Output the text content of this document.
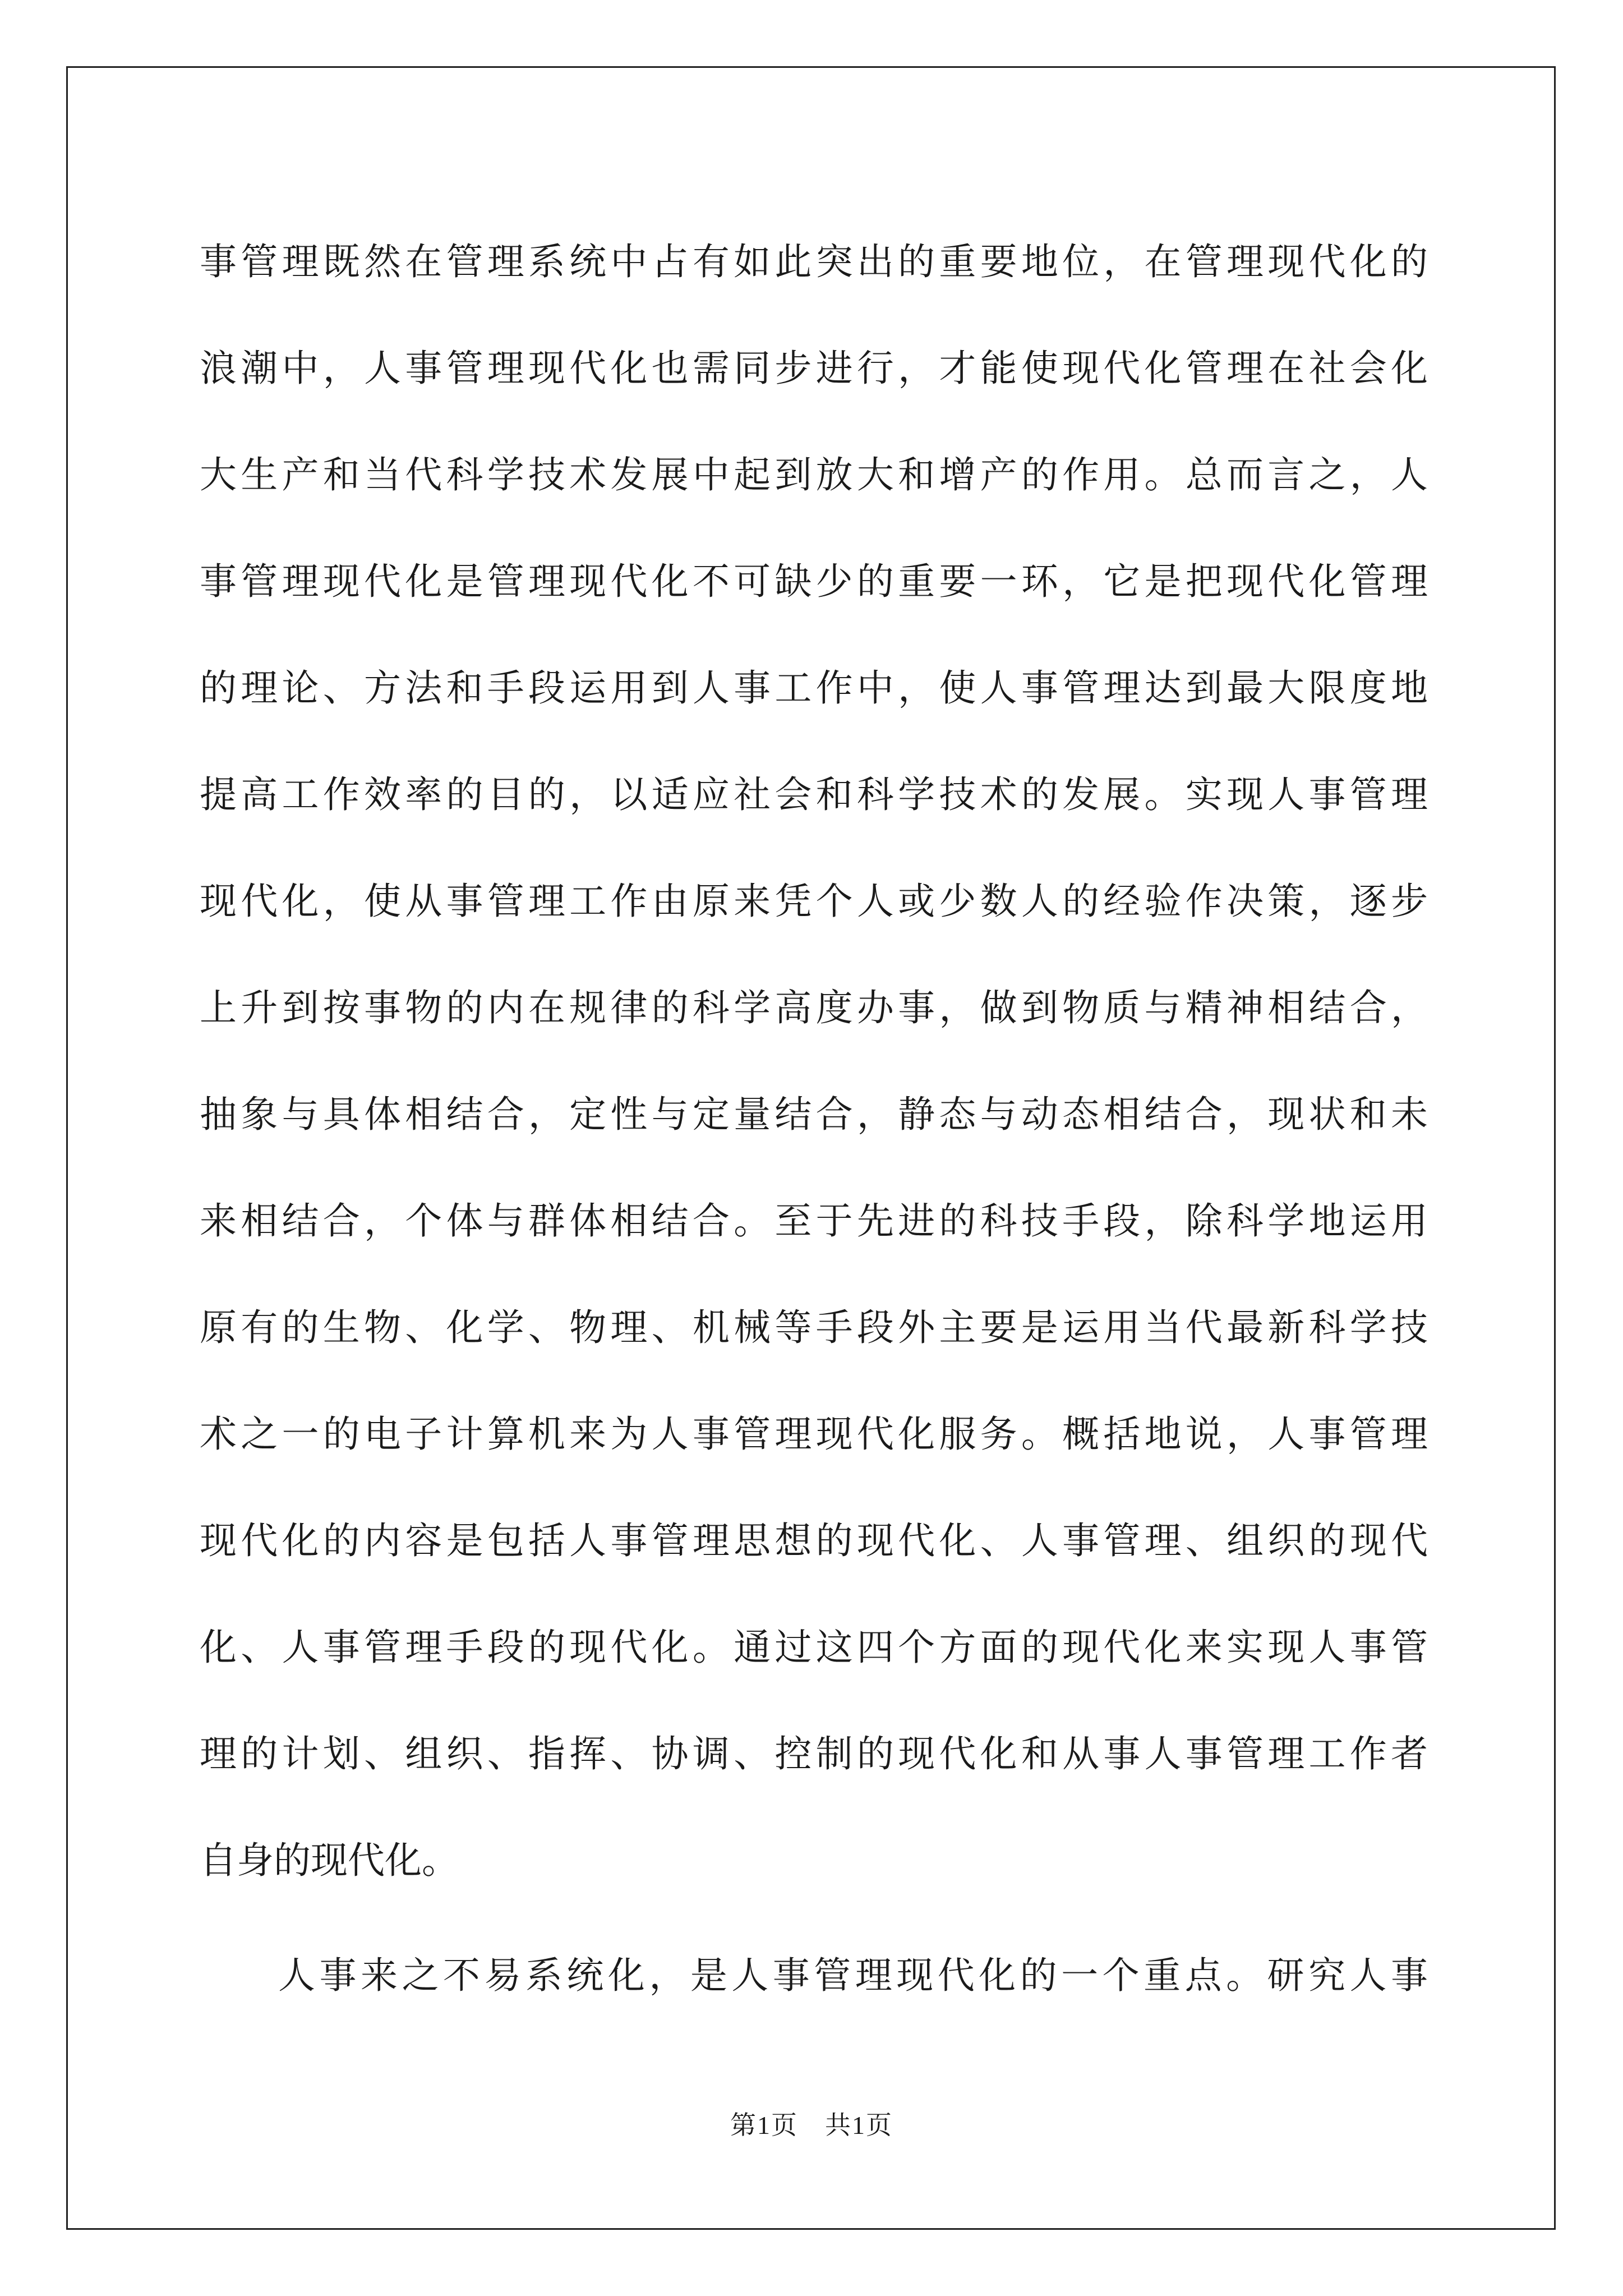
事管理既然在管理系统中占有如此突出的重要地位，在管理现代化的
浪潮中，人事管理现代化也需同步进行，才能使现代化管理在社会化
大生产和当代科学技术发展中起到放大和增产的作用。总而言之，人
事管理现代化是管理现代化不可缺少的重要一环，它是把现代化管理
的理论、方法和手段运用到人事工作中，使人事管理达到最大限度地
提高工作效率的目的，以适应社会和科学技术的发展。实现人事管理
现代化，使从事管理工作由原来凭个人或少数人的经验作决策，逐步
上升到按事物的内在规律的科学高度办事，做到物质与精神相结合，
抽象与具体相结合，定性与定量结合，静态与动态相结合，现状和未
来相结合，个体与群体相结合。至于先进的科技手段，除科学地运用
原有的生物、化学、物理、机械等手段外主要是运用当代最新科学技
术之一的电子计算机来为人事管理现代化服务。概括地说，人事管理
现代化的内容是包括人事管理思想的现代化、人事管理、组织的现代
化、人事管理手段的现代化。通过这四个方面的现代化来实现人事管
理的计划、组织、指挥、协调、控制的现代化和从事人事管理工作者
自身的现代化。
人事来之不易系统化，是人事管理现代化的一个重点。研究人事
第1页　共1页
